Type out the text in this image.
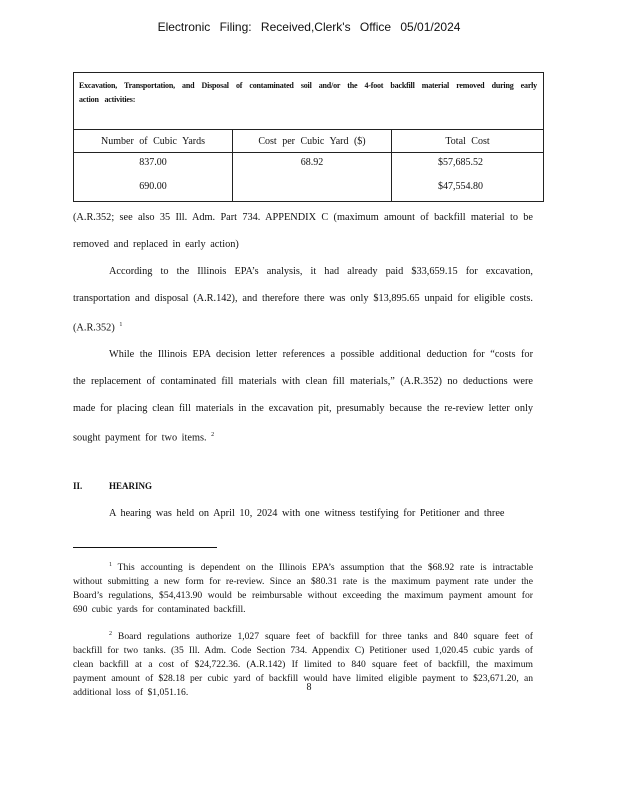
Electronic Filing: Received,Clerk's Office 05/01/2024
Excavation, Transportation, and Disposal of contaminated soil and/or the 4-foot backfill material removed during early action activities:		
Number of Cubic Yards	Cost per Cubic Yard ($)	Total Cost
837.00	68.92	$57,685.52
690.00		$47,554.80

(A.R.352; see also 35 Ill. Adm. Part 734. APPENDIX C (maximum amount of backfill material to be removed and replaced in early action)

According to the Illinois EPA’s analysis, it had already paid $33,659.15 for excavation, transportation and disposal (A.R.142), and therefore there was only $13,895.65 unpaid for eligible costs. (A.R.352) $^1$

While the Illinois EPA decision letter references a possible additional deduction for “costs for the replacement of contaminated fill materials with clean fill materials,” (A.R.352) no deductions were made for placing clean fill materials in the excavation pit, presumably because the re-review letter only sought payment for two items. $^2$

II.	HEARING

A hearing was held on April 10, 2024 with one witness testifying for Petitioner and three

$^1$ This accounting is dependent on the Illinois EPA’s assumption that the $68.92 rate is intractable without submitting a new form for re-review. Since an $80.31 rate is the maximum payment rate under the Board’s regulations, $54,413.90 would be reimbursable without exceeding the maximum payment amount for 690 cubic yards for contaminated backfill.

$^2$ Board regulations authorize 1,027 square feet of backfill for three tanks and 840 square feet of backfill for two tanks. (35 Ill. Adm. Code Section 734. Appendix C) Petitioner used 1,020.45 cubic yards of clean backfill at a cost of $24,722.36. (A.R.142) If limited to 840 square feet of backfill, the maximum payment amount of $28.18 per cubic yard of backfill would have limited eligible payment to $23,671.20, an additional loss of $1,051.16.	8
